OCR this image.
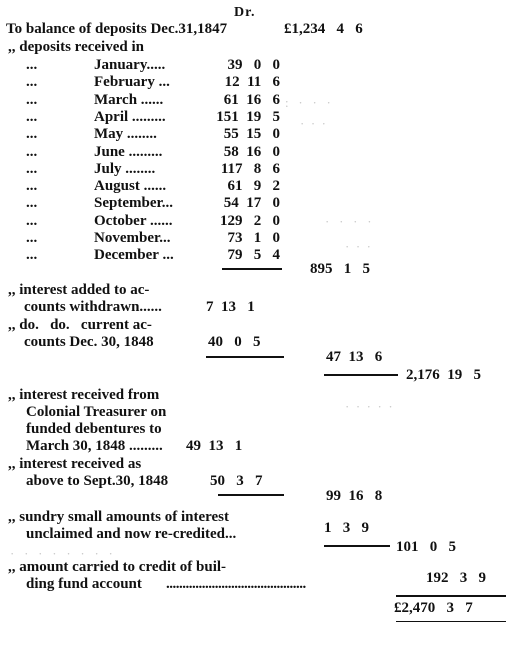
:   ·   ·   ·
·  ·  ·
·   ·   ·   ·
·  ·  ·
·  ·  ·  ·  ·
·   ·   ·   ·   ·   ·   ·   ·
Dr.
To balance of deposits Dec.31,1847	£1,234   4   6
,, deposits received in
...	January.....	39   0   0
...	February ...	12  11   6
...	March ......	61  16   6
...	April .........	151  19   5
...	May ........	55  15   0
...	June .........	58  16   0
...	July ........	117   8   6
...	August ......	61   9   2
...	September...	54  17   0
...	October ......	129   2   0
...	November...	73   1   0
...	December ...	79   5   4
895   1   5
,, interest added to ac-
counts withdrawn......	7  13   1
,, do.   do.   current ac-
counts Dec. 30, 1848	40   0   5
47  13   6
2,176  19   5
,, interest received from
Colonial Treasurer on
funded debentures to
March 30, 1848 ......... 49  13   1
,, interest received as
above to Sept.30, 1848	50   3   7
99  16   8
,, sundry small amounts of interest
unclaimed and now re-credited...	1   3   9
101   0   5
,, amount carried to credit of buil-
ding fund account ...........................................	192   3   9
£2,470   3   7
